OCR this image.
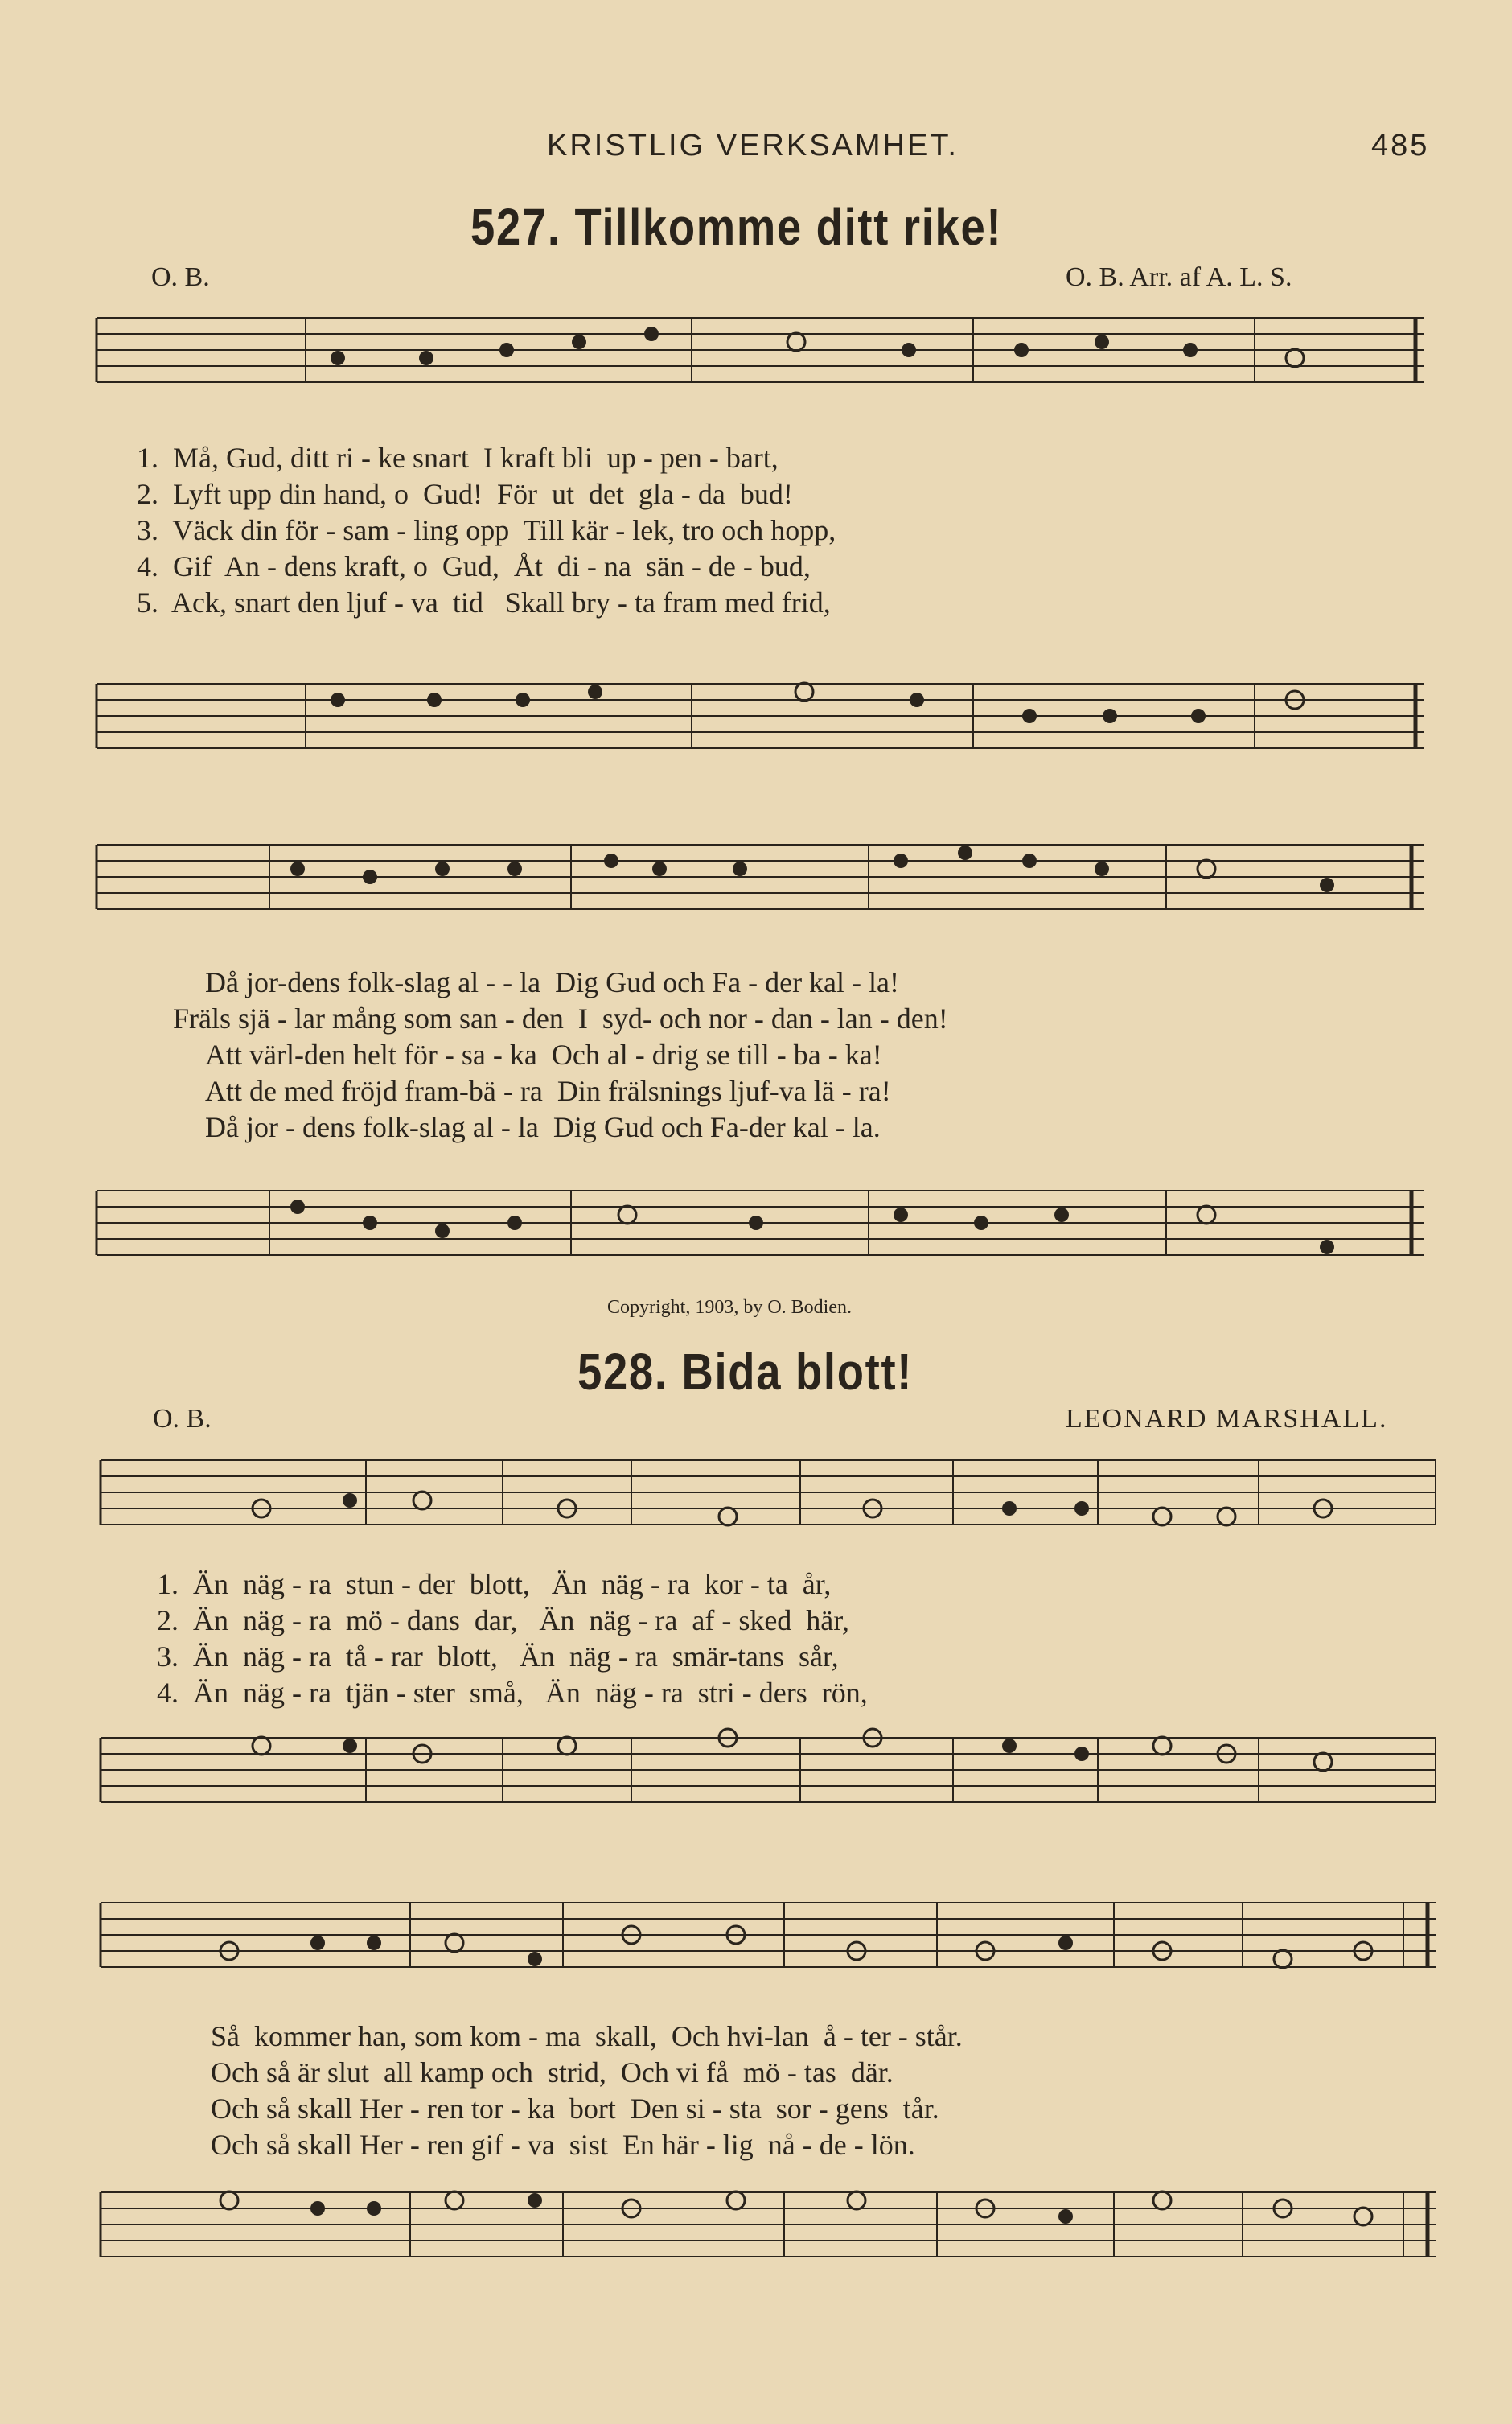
KRISTLIG VERKSAMHET.	485
527. Tillkomme ditt rike!
O. B.	O. B. Arr. af A. L. S.
1.  Må, Gud, ditt ri - ke snart  I kraft bli  up - pen - bart,
2.  Lyft upp din hand, o  Gud!  För  ut  det  gla - da  bud!
3.  Väck din för - sam - ling opp  Till kär - lek, tro och hopp,
4.  Gif  An - dens kraft, o  Gud,  Åt  di - na  sän - de - bud,
5.  Ack, snart den ljuf - va  tid   Skall bry - ta fram med frid,
Då jor-dens folk-slag al - - la  Dig Gud och Fa - der kal - la!
Fräls sjä - lar mång som san - den  I  syd- och nor - dan - lan - den!
Att värl-den helt för - sa - ka  Och al - drig se till - ba - ka!
Att de med fröjd fram-bä - ra  Din frälsnings ljuf-va lä - ra!
Då jor - dens folk-slag al - la  Dig Gud och Fa-der kal - la.
Copyright, 1903, by O. Bodien.
528. Bida blott!
O. B.	LEONARD MARSHALL.
1.  Än  näg - ra  stun - der  blott,   Än  näg - ra  kor - ta  år,
2.  Än  näg - ra  mö - dans  dar,   Än  näg - ra  af - sked  här,
3.  Än  näg - ra  tå - rar  blott,   Än  näg - ra  smär-tans  sår,
4.  Än  näg - ra  tjän - ster  små,   Än  näg - ra  stri - ders  rön,
Så  kommer han, som kom - ma  skall,  Och hvi-lan  å - ter - står.
Och så är slut  all kamp och  strid,  Och vi få  mö - tas  där.
Och så skall Her - ren tor - ka  bort  Den si - sta  sor - gens  tår.
Och så skall Her - ren gif - va  sist  En här - lig  nå - de - lön.
